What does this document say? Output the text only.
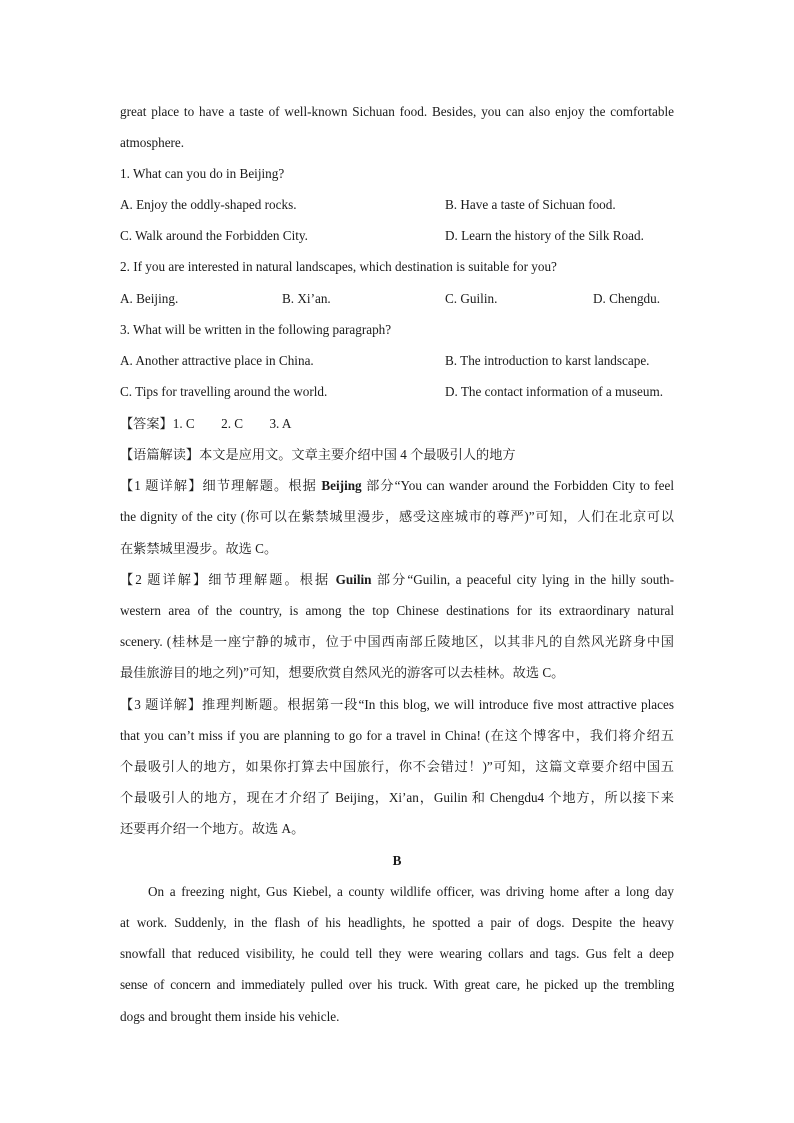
great place to have a taste of well-known Sichuan food. Besides, you can also enjoy the comfortable
atmosphere.
1. What can you do in Beijing?
A. Enjoy the oddly-shaped rocks.	B. Have a taste of Sichuan food.
C. Walk around the Forbidden City.	D. Learn the history of the Silk Road.
2. If you are interested in natural landscapes, which destination is suitable for you?
A. Beijing.	B. Xi’an.	C. Guilin.	D. Chengdu.
3. What will be written in the following paragraph?
A. Another attractive place in China.	B. The introduction to karst landscape.
C. Tips for travelling around the world.	D. The contact information of a museum.
【答案】1. C        2. C        3. A
【语篇解读】本文是应用文。文章主要介绍中国 4 个最吸引人的地方
【1 题详解】细节理解题。根据 Beijing 部分“You can wander around the Forbidden City to feel
the dignity of the city (你可以在紫禁城里漫步，感受这座城市的尊严)”可知，人们在北京可以
在紫禁城里漫步。故选 C。
【2 题详解】细节理解题。根据 Guilin 部分“Guilin, a peaceful city lying in the hilly south-
western area of the country, is among the top Chinese destinations for its extraordinary natural
scenery. (桂林是一座宁静的城市，位于中国西南部丘陵地区，以其非凡的自然风光跻身中国
最佳旅游目的地之列)”可知，想要欣赏自然风光的游客可以去桂林。故选 C。
【3 题详解】推理判断题。根据第一段“In this blog, we will introduce five most attractive places
that you can’t miss if you are planning to go for a travel in China! (在这个博客中，我们将介绍五
个最吸引人的地方，如果你打算去中国旅行，你不会错过！)”可知，这篇文章要介绍中国五
个最吸引人的地方，现在才介绍了 Beijing，Xi’an，Guilin 和 Chengdu4 个地方，所以接下来
还要再介绍一个地方。故选 A。
B
On a freezing night, Gus Kiebel, a county wildlife officer, was driving home after a long day
at work. Suddenly, in the flash of his headlights, he spotted a pair of dogs. Despite the heavy
snowfall that reduced visibility, he could tell they were wearing collars and tags. Gus felt a deep
sense of concern and immediately pulled over his truck. With great care, he picked up the trembling
dogs and brought them inside his vehicle.
